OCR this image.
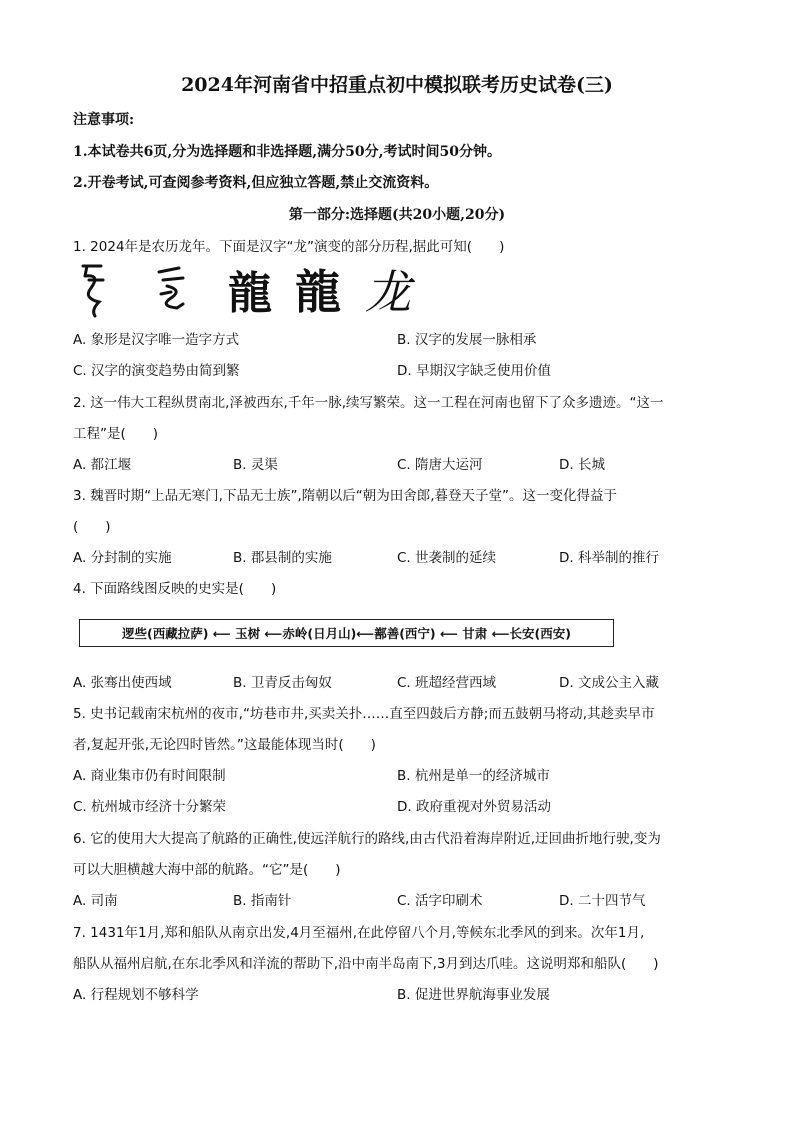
2024年河南省中招重点初中模拟联考历史试卷(三)
注意事项:
1.本试卷共6页,分为选择题和非选择题,满分50分,考试时间50分钟。
2.开卷考试,可查阅参考资料,但应独立答题,禁止交流资料。
第一部分:选择题(共20小题,20分)
1. 2024年是农历龙年。下面是汉字“龙”演变的部分历程,据此可知(　　)
龍 龍 龙
A. 象形是汉字唯一造字方式	B. 汉字的发展一脉相承
C. 汉字的演变趋势由简到繁	D. 早期汉字缺乏使用价值
2. 这一伟大工程纵贯南北,泽被西东,千年一脉,续写繁荣。这一工程在河南也留下了众多遗迹。“这一
工程”是(　　)
A. 都江堰	B. 灵渠	C. 隋唐大运河	D. 长城
3. 魏晋时期“上品无寒门,下品无士族”,隋朝以后“朝为田舍郎,暮登天子堂”。这一变化得益于
(　　)
A. 分封制的实施	B. 郡县制的实施	C. 世袭制的延续	D. 科举制的推行
4. 下面路线图反映的史实是(　　)
逻些(西藏拉萨) ⟵ 玉树 ⟵赤岭(日月山)⟵鄯善(西宁) ⟵ 甘肃 ⟵长安(西安)
A. 张骞出使西域	B. 卫青反击匈奴	C. 班超经营西域	D. 文成公主入藏
5. 史书记载南宋杭州的夜市,“坊巷市井,买卖关扑……直至四鼓后方静;而五鼓朝马将动,其趁卖早市
者,复起开张,无论四时皆然。”这最能体现当时(　　)
A. 商业集市仍有时间限制	B. 杭州是单一的经济城市
C. 杭州城市经济十分繁荣	D. 政府重视对外贸易活动
6. 它的使用大大提高了航路的正确性,使远洋航行的路线,由古代沿着海岸附近,迂回曲折地行驶,变为
可以大胆横越大海中部的航路。“它”是(　　)
A. 司南	B. 指南针	C. 活字印刷术	D. 二十四节气
7. 1431年1月,郑和船队从南京出发,4月至福州,在此停留八个月,等候东北季风的到来。次年1月,
船队从福州启航,在东北季风和洋流的帮助下,沿中南半岛南下,3月到达爪哇。这说明郑和船队(　　)
A. 行程规划不够科学	B. 促进世界航海事业发展
